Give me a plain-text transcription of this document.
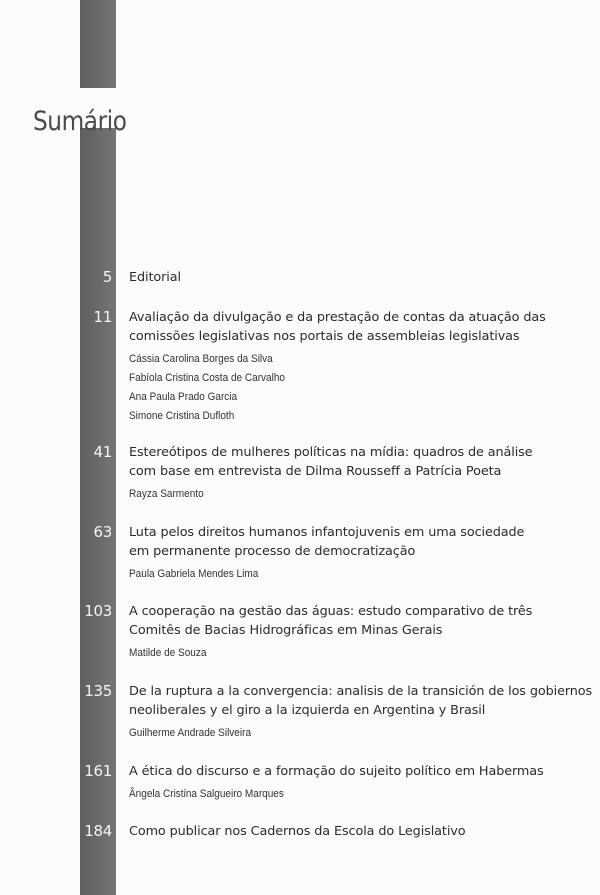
Sumário
5 Editorial
11 Avaliação da divulgação e da prestação de contas da atuação das
comissões legislativas nos portais de assembleias legislativas
Cássia Carolina Borges da Silva
Fabíola Cristina Costa de Carvalho
Ana Paula Prado Garcia
Simone Cristina Dufloth
41 Estereótipos de mulheres políticas na mídia: quadros de análise
com base em entrevista de Dilma Rousseff a Patrícia Poeta
Rayza Sarmento
63 Luta pelos direitos humanos infantojuvenis em uma sociedade
em permanente processo de democratização
Paula Gabriela Mendes Lima
103 A cooperação na gestão das águas: estudo comparativo de três
Comitês de Bacias Hidrográficas em Minas Gerais
Matilde de Souza
135 De la ruptura a la convergencia: analisis de la transición de los gobiernos
neoliberales y el giro a la izquierda en Argentina y Brasil
Guilherme Andrade Silveira
161 A ética do discurso e a formação do sujeito político em Habermas
Ângela Cristina Salgueiro Marques
184 Como publicar nos Cadernos da Escola do Legislativo
